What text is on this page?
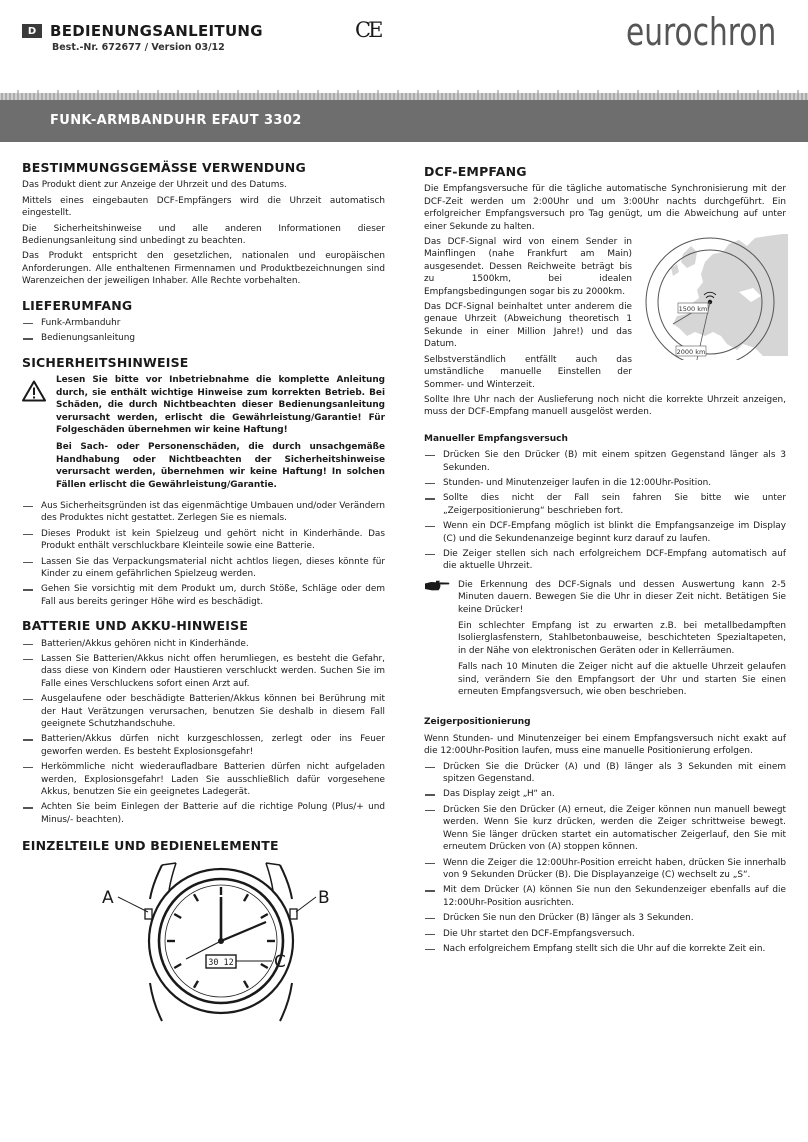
D BEDIENUNGSANLEITUNG
Best.-Nr. 672677 / Version 03/12
CE	eurochron
FUNK-ARMBANDUHR EFAUT 3302
BESTIMMUNGSGEMÄSSE VERWENDUNG

Das Produkt dient zur Anzeige der Uhrzeit und des Datums.

Mittels eines eingebauten DCF-Empfängers wird die Uhrzeit automatisch eingestellt.

Die Sicherheitshinweise und alle anderen Informationen dieser Bedienungsanleitung sind unbedingt zu beachten.

Das Produkt entspricht den gesetzlichen, nationalen und europäischen Anforderungen. Alle enthaltenen Firmennamen und Produktbezeichnungen sind Warenzeichen der jeweiligen Inhaber. Alle Rechte vorbehalten.

LIEFERUMFANG
Funk-Armbanduhr
Bedienungsanleitung
SICHERHEITSHINWEISE

Lesen Sie bitte vor Inbetriebnahme die komplette Anleitung durch, sie enthält wichtige Hinweise zum korrekten Betrieb. Bei Schäden, die durch Nichtbeachten dieser Bedienungsanleitung verursacht werden, erlischt die Gewährleistung/Garantie! Für Folgeschäden übernehmen wir keine Haftung!

Bei Sach- oder Personenschäden, die durch unsachgemäße Handhabung oder Nichtbeachten der Sicherheitshinweise verursacht werden, übernehmen wir keine Haftung! In solchen Fällen erlischt die Gewährleistung/Garantie.

Aus Sicherheitsgründen ist das eigenmächtige Umbauen und/oder Verändern des Produktes nicht gestattet. Zerlegen Sie es niemals.
Dieses Produkt ist kein Spielzeug und gehört nicht in Kinderhände. Das Produkt enthält verschluckbare Kleinteile sowie eine Batterie.
Lassen Sie das Verpackungsmaterial nicht achtlos liegen, dieses könnte für Kinder zu einem gefährlichen Spielzeug werden.
Gehen Sie vorsichtig mit dem Produkt um, durch Stöße, Schläge oder dem Fall aus bereits geringer Höhe wird es beschädigt.
BATTERIE UND AKKU-HINWEISE
Batterien/Akkus gehören nicht in Kinderhände.
Lassen Sie Batterien/Akkus nicht offen herumliegen, es besteht die Gefahr, dass diese von Kindern oder Haustieren verschluckt werden. Suchen Sie im Falle eines Verschluckens sofort einen Arzt auf.
Ausgelaufene oder beschädigte Batterien/Akkus können bei Berührung mit der Haut Verätzungen verursachen, benutzen Sie deshalb in diesem Fall geeignete Schutzhandschuhe.
Batterien/Akkus dürfen nicht kurzgeschlossen, zerlegt oder ins Feuer geworfen werden. Es besteht Explosionsgefahr!
Herkömmliche nicht wiederaufladbare Batterien dürfen nicht aufgeladen werden, Explosionsgefahr! Laden Sie ausschließlich dafür vorgesehene Akkus, benutzen Sie ein geeignetes Ladegerät.
Achten Sie beim Einlegen der Batterie auf die richtige Polung (Plus/+ und Minus/- beachten).
EINZELTEILE UND BEDIENELEMENTE
30 12
A	B
C
DCF-EMPFANG

Die Empfangsversuche für die tägliche automatische Synchronisierung mit der DCF-Zeit werden um 2:00Uhr und um 3:00Uhr nachts durchgeführt. Ein erfolgreicher Empfangsversuch pro Tag genügt, um die Abweichung auf unter einer Sekunde zu halten.

Das DCF-Signal wird von einem Sender in Mainflingen (nahe Frankfurt am Main) ausgesendet. Dessen Reichweite beträgt bis zu 1500km, bei idealen Empfangsbedingungen sogar bis zu 2000km.

Das DCF-Signal beinhaltet unter anderem die genaue Uhrzeit (Abweichung theoretisch 1 Sekunde in einer Million Jahre!) und das Datum.

Selbstverständlich entfällt auch das umständliche manuelle Einstellen der Sommer- und Winterzeit.

Sollte Ihre Uhr nach der Auslieferung noch nicht die korrekte Uhrzeit anzeigen, muss der DCF-Empfang manuell ausgelöst werden.

Manueller Empfangsversuch
Drücken Sie den Drücker (B) mit einem spitzen Gegenstand länger als 3 Sekunden.
Stunden- und Minutenzeiger laufen in die 12:00Uhr-Position.
Sollte dies nicht der Fall sein fahren Sie bitte wie unter „Zeigerpositionierung“ beschrieben fort.
Wenn ein DCF-Empfang möglich ist blinkt die Empfangsanzeige im Display (C) und die Sekundenanzeige beginnt kurz darauf zu laufen.
Die Zeiger stellen sich nach erfolgreichem DCF-Empfang automatisch auf die aktuelle Uhrzeit.

Die Erkennung des DCF-Signals und dessen Auswertung kann 2-5 Minuten dauern. Bewegen Sie die Uhr in dieser Zeit nicht. Betätigen Sie keine Drücker!

Ein schlechter Empfang ist zu erwarten z.B. bei metallbedampften Isolierglasfenstern, Stahlbetonbauweise, beschichteten Spezialtapeten, in der Nähe von elektronischen Geräten oder in Kellerräumen.

Falls nach 10 Minuten die Zeiger nicht auf die aktuelle Uhrzeit gelaufen sind, verändern Sie den Empfangsort der Uhr und starten Sie einen erneuten Empfangsversuch, wie oben beschrieben.

Zeigerpositionierung

Wenn Stunden- und Minutenzeiger bei einem Empfangsversuch nicht exakt auf die 12:00Uhr-Position laufen, muss eine manuelle Positionierung erfolgen.

Drücken Sie die Drücker (A) und (B) länger als 3 Sekunden mit einem spitzen Gegenstand.
Das Display zeigt „H“ an.
Drücken Sie den Drücker (A) erneut, die Zeiger können nun manuell bewegt werden. Wenn Sie kurz drücken, werden die Zeiger schrittweise bewegt. Wenn Sie länger drücken startet ein automatischer Zeigerlauf, den Sie mit erneutem Drücken von (A) stoppen können.
Wenn die Zeiger die 12:00Uhr-Position erreicht haben, drücken Sie innerhalb von 9 Sekunden Drücker (B). Die Displayanzeige (C) wechselt zu „S“.
Mit dem Drücker (A) können Sie nun den Sekundenzeiger ebenfalls auf die 12:00Uhr-Position ausrichten.
Drücken Sie nun den Drücker (B) länger als 3 Sekunden.
Die Uhr startet den DCF-Empfangsversuch.
Nach erfolgreichem Empfang stellt sich die Uhr auf die korrekte Zeit ein.
1500 km
2000 km
